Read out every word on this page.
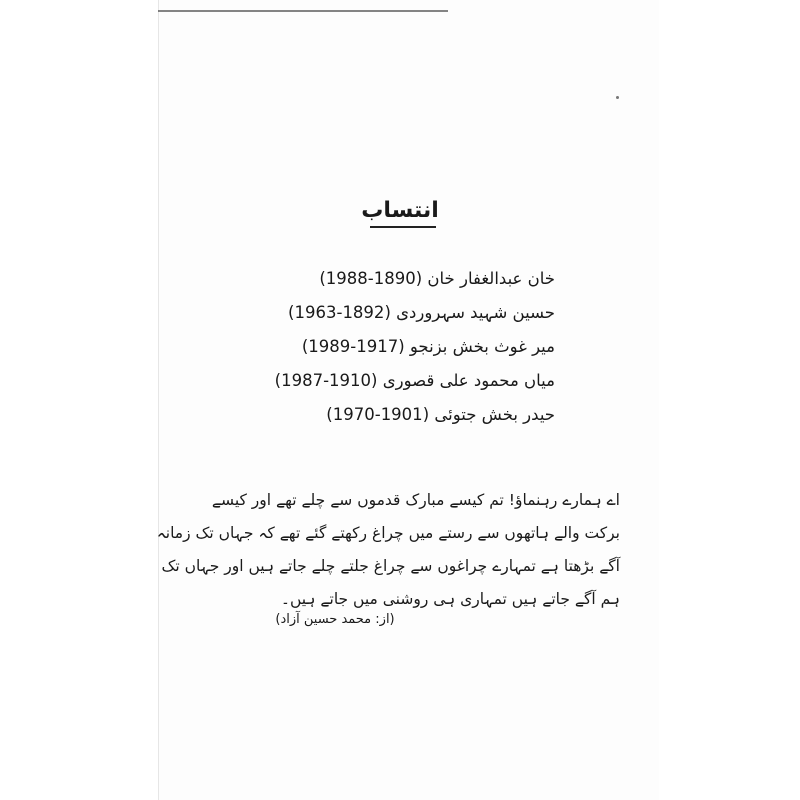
انتساب
خان عبدالغفار خان (1890-1988)
حسین شہید سہروردی (1892-1963)
میر غوث بخش بزنجو (1917-1989)
میاں محمود علی قصوری (1910-1987)
حیدر بخش جتوئی (1901-1970)
اے ہمارے رہنماؤ! تم کیسے مبارک قدموں سے چلے تھے اور کیسے
برکت والے ہاتھوں سے رستے میں چراغ رکھتے گئے تھے کہ جہاں تک زمانہ
آگے بڑھتا ہے تمہارے چراغوں سے چراغ جلتے چلے جاتے ہیں اور جہاں تک
ہم آگے جاتے ہیں تمہاری ہی روشنی میں جاتے ہیں۔
(از: محمد حسین آزاد)
